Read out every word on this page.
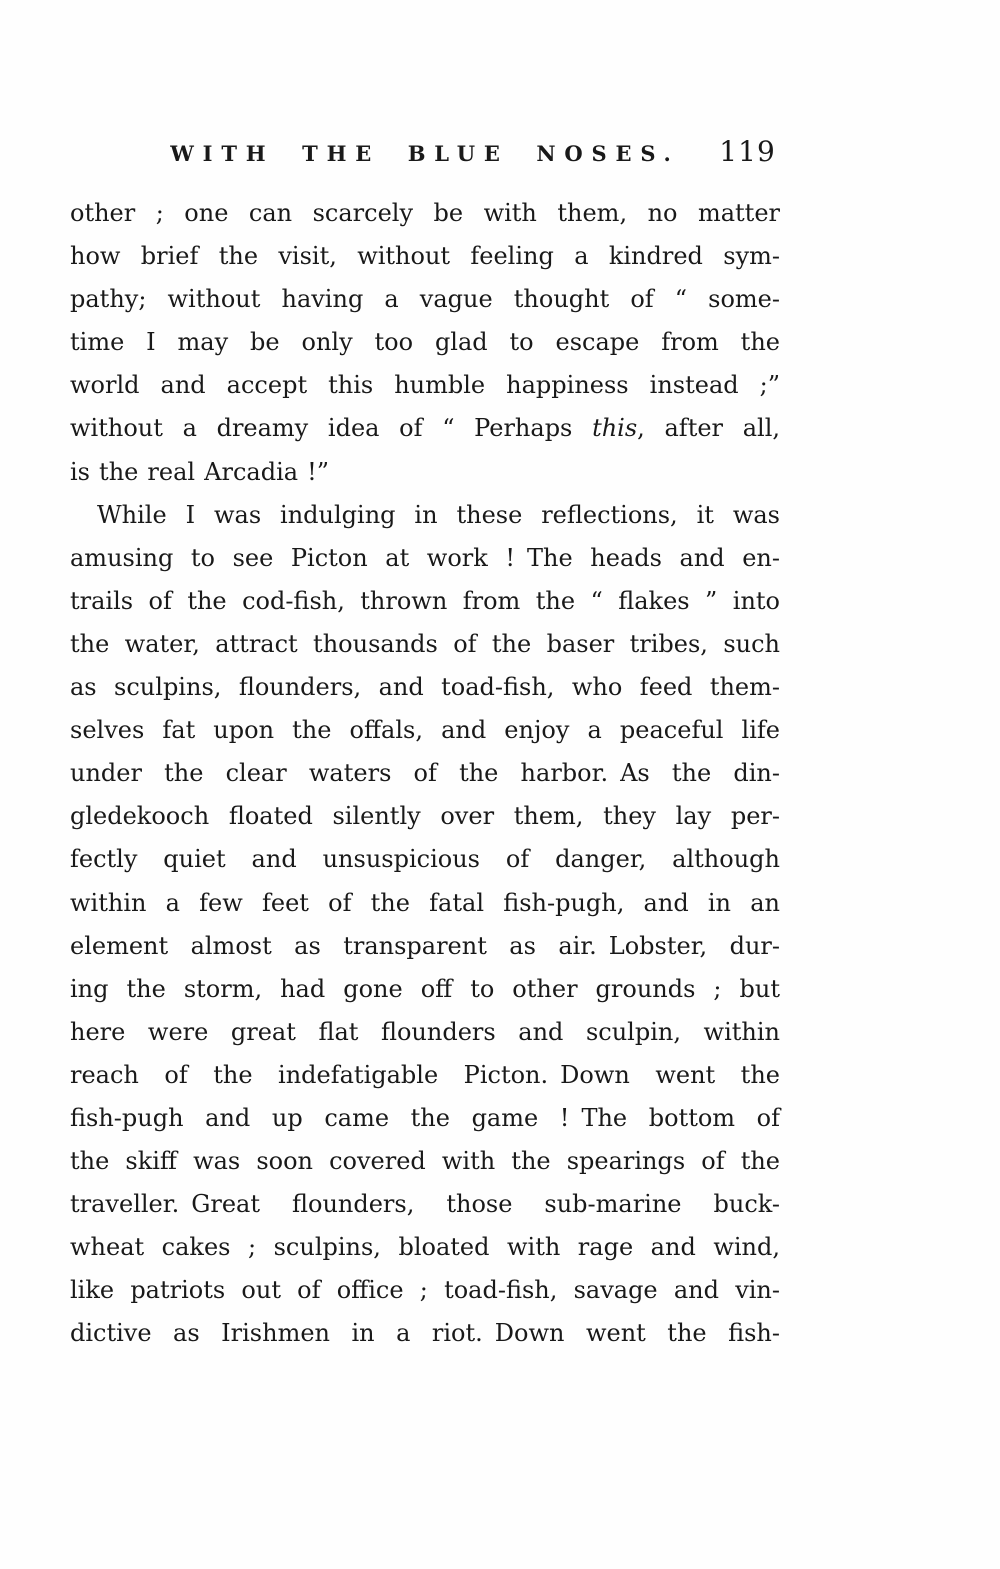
WITH THE BLUE NOSES.	119
other ; one can scarcely be with them, no matter
how brief the visit, without feeling a kindred sym-
pathy; without having a vague thought of “ some-
time I may be only too glad to escape from the
world and accept this humble happiness instead ;”
without a dreamy idea of “ Perhaps this, after all,
is the real Arcadia !”
While I was indulging in these reflections, it was
amusing to see Picton at work ! The heads and en-
trails of the cod-fish, thrown from the “ flakes ” into
the water, attract thousands of the baser tribes, such
as sculpins, flounders, and toad-fish, who feed them-
selves fat upon the offals, and enjoy a peaceful life
under the clear waters of the harbor. As the din-
gledekooch floated silently over them, they lay per-
fectly quiet and unsuspicious of danger, although
within a few feet of the fatal fish-pugh, and in an
element almost as transparent as air. Lobster, dur-
ing the storm, had gone off to other grounds ; but
here were great flat flounders and sculpin, within
reach of the indefatigable Picton. Down went the
fish-pugh and up came the game ! The bottom of
the skiff was soon covered with the spearings of the
traveller. Great flounders, those sub-marine buck-
wheat cakes ; sculpins, bloated with rage and wind,
like patriots out of office ; toad-fish, savage and vin-
dictive as Irishmen in a riot. Down went the fish-
